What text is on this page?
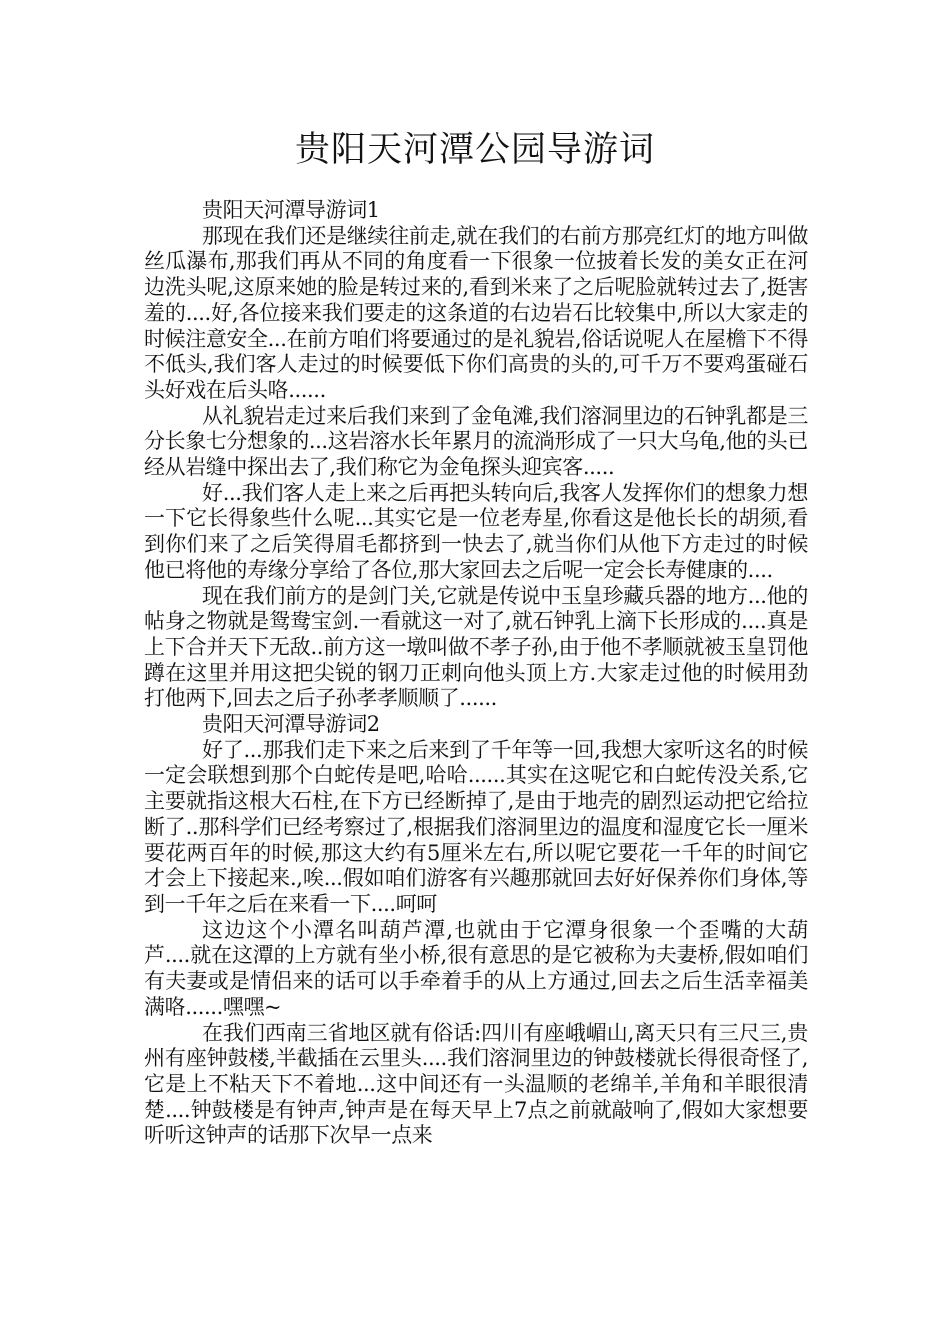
贵阳天河潭公园导游词

贵阳天河潭导游词1

那现在我们还是继续往前走,就在我们的右前方那亮红灯的地方叫做丝瓜瀑布,那我们再从不同的角度看一下很象一位披着长发的美女正在河边洗头呢,这原来她的脸是转过来的,看到米来了之后呢脸就转过去了,挺害羞的....好,各位接来我们要走的这条道的右边岩石比较集中,所以大家走的时候注意安全...在前方咱们将要通过的是礼貌岩,俗话说呢人在屋檐下不得不低头,我们客人走过的时候要低下你们高贵的头的,可千万不要鸡蛋碰石头好戏在后头咯......

从礼貌岩走过来后我们来到了金龟滩,我们溶洞里边的石钟乳都是三分长象七分想象的...这岩溶水长年累月的流淌形成了一只大乌龟,他的头已经从岩缝中探出去了,我们称它为金龟探头迎宾客.....

好...我们客人走上来之后再把头转向后,我客人发挥你们的想象力想一下它长得象些什么呢...其实它是一位老寿星,你看这是他长长的胡须,看到你们来了之后笑得眉毛都挤到一快去了,就当你们从他下方走过的时候他已将他的寿缘分享给了各位,那大家回去之后呢一定会长寿健康的....

现在我们前方的是剑门关,它就是传说中玉皇珍藏兵器的地方...他的帖身之物就是鸳鸯宝剑.一看就这一对了,就石钟乳上滴下长形成的....真是上下合并天下无敌..前方这一墩叫做不孝子孙,由于他不孝顺就被玉皇罚他蹲在这里并用这把尖锐的钢刀正刺向他头顶上方.大家走过他的时候用劲打他两下,回去之后子孙孝孝顺顺了......

贵阳天河潭导游词2

好了...那我们走下来之后来到了千年等一回,我想大家听这名的时候一定会联想到那个白蛇传是吧,哈哈......其实在这呢它和白蛇传没关系,它主要就指这根大石柱,在下方已经断掉了,是由于地壳的剧烈运动把它给拉断了..那科学们已经考察过了,根据我们溶洞里边的温度和湿度它长一厘米要花两百年的时候,那这大约有5厘米左右,所以呢它要花一千年的时间它才会上下接起来.,唉...假如咱们游客有兴趣那就回去好好保养你们身体,等到一千年之后在来看一下....呵呵

这边这个小潭名叫葫芦潭,也就由于它潭身很象一个歪嘴的大葫芦....就在这潭的上方就有坐小桥,很有意思的是它被称为夫妻桥,假如咱们有夫妻或是情侣来的话可以手牵着手的从上方通过,回去之后生活幸福美满咯......嘿嘿~

在我们西南三省地区就有俗话:四川有座峨嵋山,离天只有三尺三,贵州有座钟鼓楼,半截插在云里头....我们溶洞里边的钟鼓楼就长得很奇怪了,它是上不粘天下不着地...这中间还有一头温顺的老绵羊,羊角和羊眼很清楚....钟鼓楼是有钟声,钟声是在每天早上7点之前就敲响了,假如大家想要听听这钟声的话那下次早一点来
